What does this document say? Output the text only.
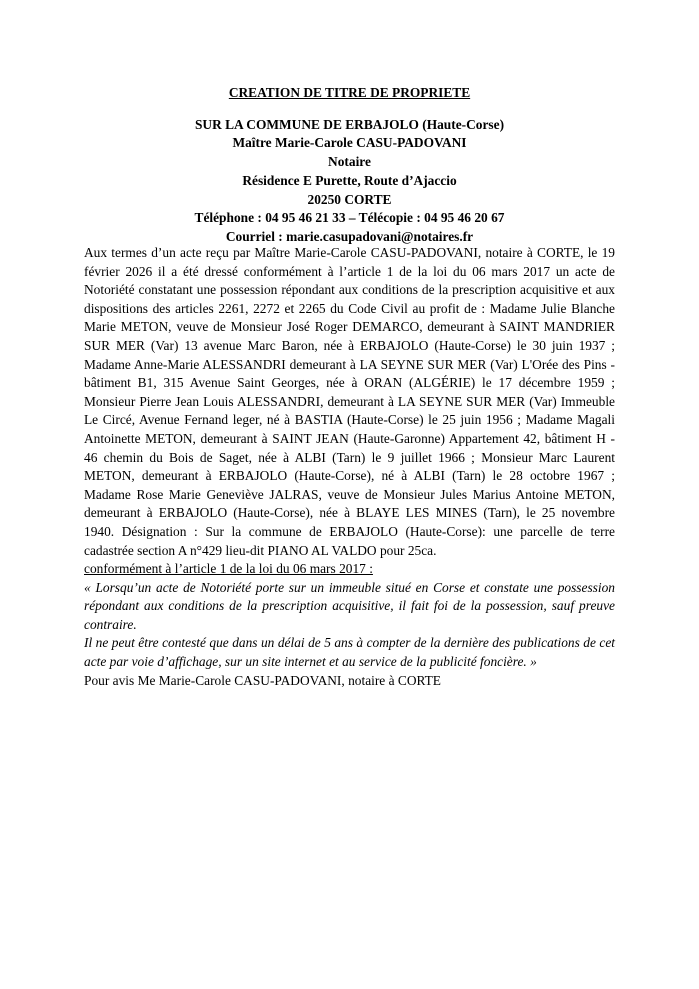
CREATION DE TITRE DE PROPRIETE
SUR LA COMMUNE DE ERBAJOLO (Haute-Corse)
Maître Marie-Carole CASU-PADOVANI
Notaire
Résidence E Purette, Route d’Ajaccio
20250 CORTE
Téléphone : 04 95 46 21 33 – Télécopie : 04 95 46 20 67
Courriel : marie.casupadovani@notaires.fr

Aux termes d’un acte reçu par Maître Marie-Carole CASU-PADOVANI, notaire à CORTE, le 19 février 2026 il a été dressé conformément à l’article 1 de la loi du 06 mars 2017 un acte de Notoriété constatant une possession répondant aux conditions de la prescription acquisitive et aux dispositions des articles 2261, 2272 et 2265 du Code Civil au profit de : Madame Julie Blanche Marie METON, veuve de Monsieur José Roger DEMARCO, demeurant à SAINT MANDRIER SUR MER (Var) 13 avenue Marc Baron, née à ERBAJOLO (Haute-Corse) le 30 juin 1937 ; Madame Anne-Marie ALESSANDRI demeurant à LA SEYNE SUR MER (Var) L'Orée des Pins - bâtiment B1, 315 Avenue Saint Georges, née à ORAN (ALGÉRIE) le 17 décembre 1959 ; Monsieur Pierre Jean Louis ALESSANDRI, demeurant à LA SEYNE SUR MER (Var) Immeuble Le Circé, Avenue Fernand leger, né à BASTIA (Haute-Corse) le 25 juin 1956 ; Madame Magali Antoinette METON, demeurant à SAINT JEAN (Haute-Garonne) Appartement 42, bâtiment H - 46 chemin du Bois de Saget, née à ALBI (Tarn) le 9 juillet 1966 ; Monsieur Marc Laurent METON, demeurant à ERBAJOLO (Haute-Corse), né à ALBI (Tarn) le 28 octobre 1967 ; Madame Rose Marie Geneviève JALRAS, veuve de Monsieur Jules Marius Antoine METON, demeurant à ERBAJOLO (Haute-Corse), née à BLAYE LES MINES (Tarn), le 25 novembre 1940. Désignation : Sur la commune de ERBAJOLO (Haute-Corse): une parcelle de terre cadastrée section A n°429 lieu-dit PIANO AL VALDO pour 25ca.

conformément à l’article 1 de la loi du 06 mars 2017 :

« Lorsqu’un acte de Notoriété porte sur un immeuble situé en Corse et constate une possession répondant aux conditions de la prescription acquisitive, il fait foi de la possession, sauf preuve contraire.

Il ne peut être contesté que dans un délai de 5 ans à compter de la dernière des publications de cet acte par voie d’affichage, sur un site internet et au service de la publicité foncière. »

Pour avis Me Marie-Carole CASU-PADOVANI, notaire à CORTE
